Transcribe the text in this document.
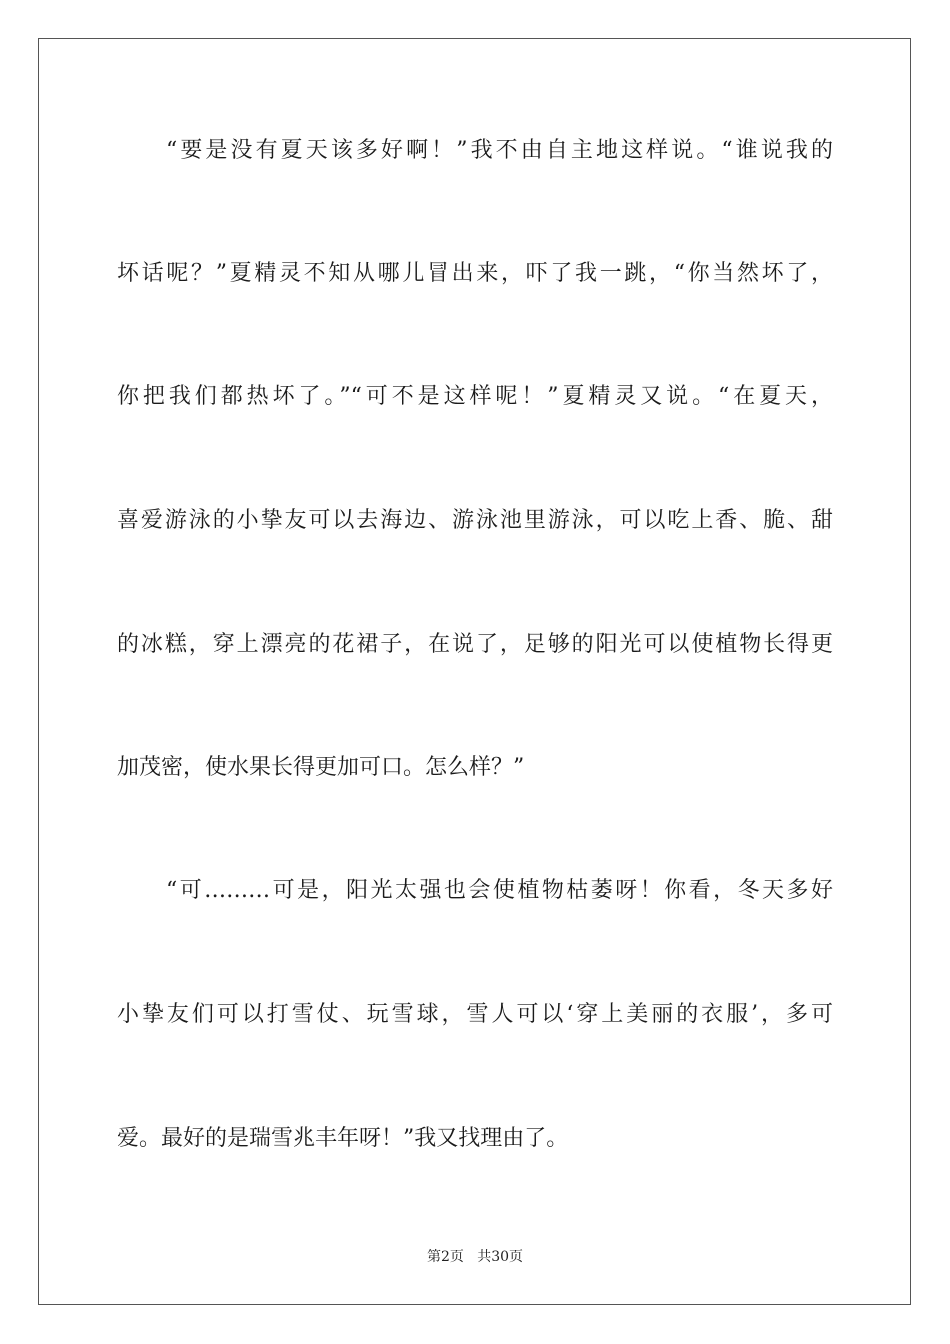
“要是没有夏天该多好啊！”我不由自主地这样说。“谁说我的
坏话呢？”夏精灵不知从哪儿冒出来，吓了我一跳，“你当然坏了，
你把我们都热坏了。”“可不是这样呢！”夏精灵又说。“在夏天，
喜爱游泳的小挚友可以去海边、游泳池里游泳，可以吃上香、脆、甜
的冰糕，穿上漂亮的花裙子，在说了，足够的阳光可以使植物长得更
加茂密，使水果长得更加可口。怎么样？”
“可………可是，阳光太强也会使植物枯萎呀！你看，冬天多好
小挚友们可以打雪仗、玩雪球，雪人可以‘穿上美丽的衣服’，多可
爱。最好的是瑞雪兆丰年呀！”我又找理由了。
第2页   共30页
